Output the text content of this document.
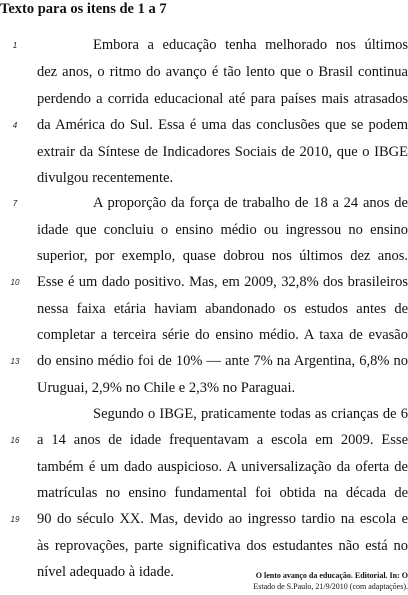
Texto para os itens de 1 a 7
1	Embora a educação tenha melhorado nos últimos
dez anos, o ritmo do avanço é tão lento que o Brasil continua
perdendo a corrida educacional até para países mais atrasados
4	da América do Sul. Essa é uma das conclusões que se podem
extrair da Síntese de Indicadores Sociais de 2010, que o IBGE
divulgou recentemente.
7	A proporção da força de trabalho de 18 a 24 anos de
idade que concluiu o ensino médio ou ingressou no ensino
superior, por exemplo, quase dobrou nos últimos dez anos.
10	Esse é um dado positivo. Mas, em 2009, 32,8% dos brasileiros
nessa faixa etária haviam abandonado os estudos antes de
completar a terceira série do ensino médio. A taxa de evasão
13	do ensino médio foi de 10% — ante 7% na Argentina, 6,8% no
Uruguai, 2,9% no Chile e 2,3% no Paraguai.
Segundo o IBGE, praticamente todas as crianças de 6
16	a 14 anos de idade frequentavam a escola em 2009. Esse
também é um dado auspicioso. A universalização da oferta de
matrículas no ensino fundamental foi obtida na década de
19	90 do século XX. Mas, devido ao ingresso tardio na escola e
às reprovações, parte significativa dos estudantes não está no
nível adequado à idade.	O lento avanço da educação. Editorial. In: O
Estado de S.Paulo, 21/9/2010 (com adaptações).
